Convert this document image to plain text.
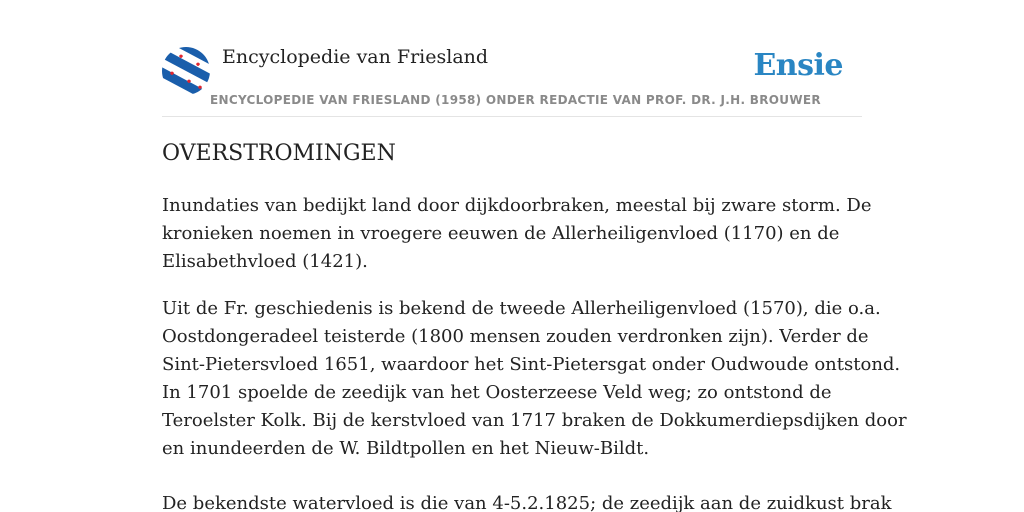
Encyclopedie van Friesland
ENCYCLOPEDIE VAN FRIESLAND (1958) ONDER REDACTIE VAN PROF. DR. J.H. BROUWER
Ensie
OVERSTROMINGEN
Inundaties van bedijkt land door dijkdoorbraken, meestal bij zware storm. De
kronieken noemen in vroegere eeuwen de Allerheiligenvloed (1170) en de
Elisabethvloed (1421).
Uit de Fr. geschiedenis is bekend de tweede Allerheiligenvloed (1570), die o.a.
Oostdongeradeel teisterde (1800 mensen zouden verdronken zijn). Verder de
Sint-Pietersvloed 1651, waardoor het Sint-Pietersgat onder Oudwoude ontstond.
In 1701 spoelde de zeedijk van het Oosterzeese Veld weg; zo ontstond de
Teroelster Kolk. Bij de kerstvloed van 1717 braken de Dokkumerdiepsdijken door
en inundeerden de W. Bildtpollen en het Nieuw-Bildt.
De bekendste watervloed is die van 4-5.2.1825; de zeedijk aan de zuidkust brak
